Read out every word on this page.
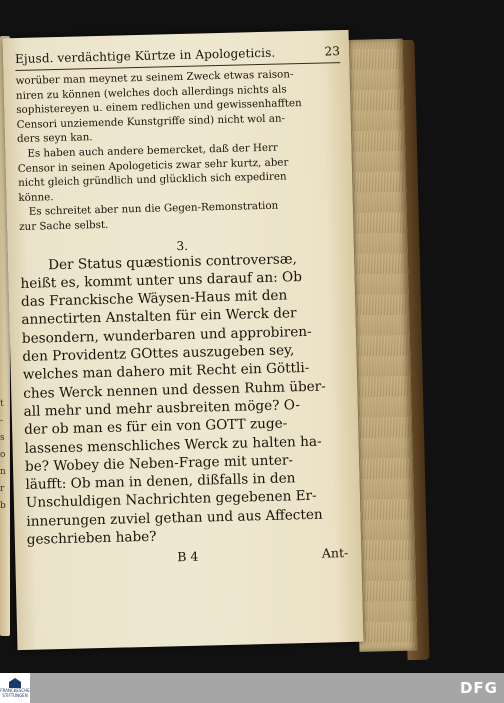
t
-
s
o
n
r
b
Ejusd. verdächtige Kürtze in Apologeticis.	23

worüber man meynet zu seinem Zweck etwas raison-

niren zu können (welches doch allerdings nichts als

sophistereyen u. einem redlichen und gewissenhafften

Censori unziemende Kunstgriffe sind) nicht wol an-

ders seyn kan.

Es haben auch andere bemercket, daß der Herr

Censor in seinen Apologeticis zwar sehr kurtz, aber

nicht gleich gründlich und glücklich sich expediren

könne.

Es schreitet aber nun die Gegen-Remonstration

zur Sache selbst.

3.
Der Status quæstionis controversæ,
heißt es, kommt unter uns darauf an: Ob
das Franckische Wäysen-Haus mit den
annectirten Anstalten für ein Werck der
besondern, wunderbaren und approbiren-
den Providentz GOttes auszugeben sey,
welches man dahero mit Recht ein Göttli-
ches Werck nennen und dessen Ruhm über-
all mehr und mehr ausbreiten möge? O-
der ob man es für ein von GOTT zuge-
lassenes menschliches Werck zu halten ha-
be? Wobey die Neben-Frage mit unter-
läufft: Ob man in denen, dißfalls in den
Unschuldigen Nachrichten gegebenen Er-
innerungen zuviel gethan und aus Affecten
geschrieben habe?
B 4	Ant-
FRANCKESCHE STIFTUNGEN	DFG
